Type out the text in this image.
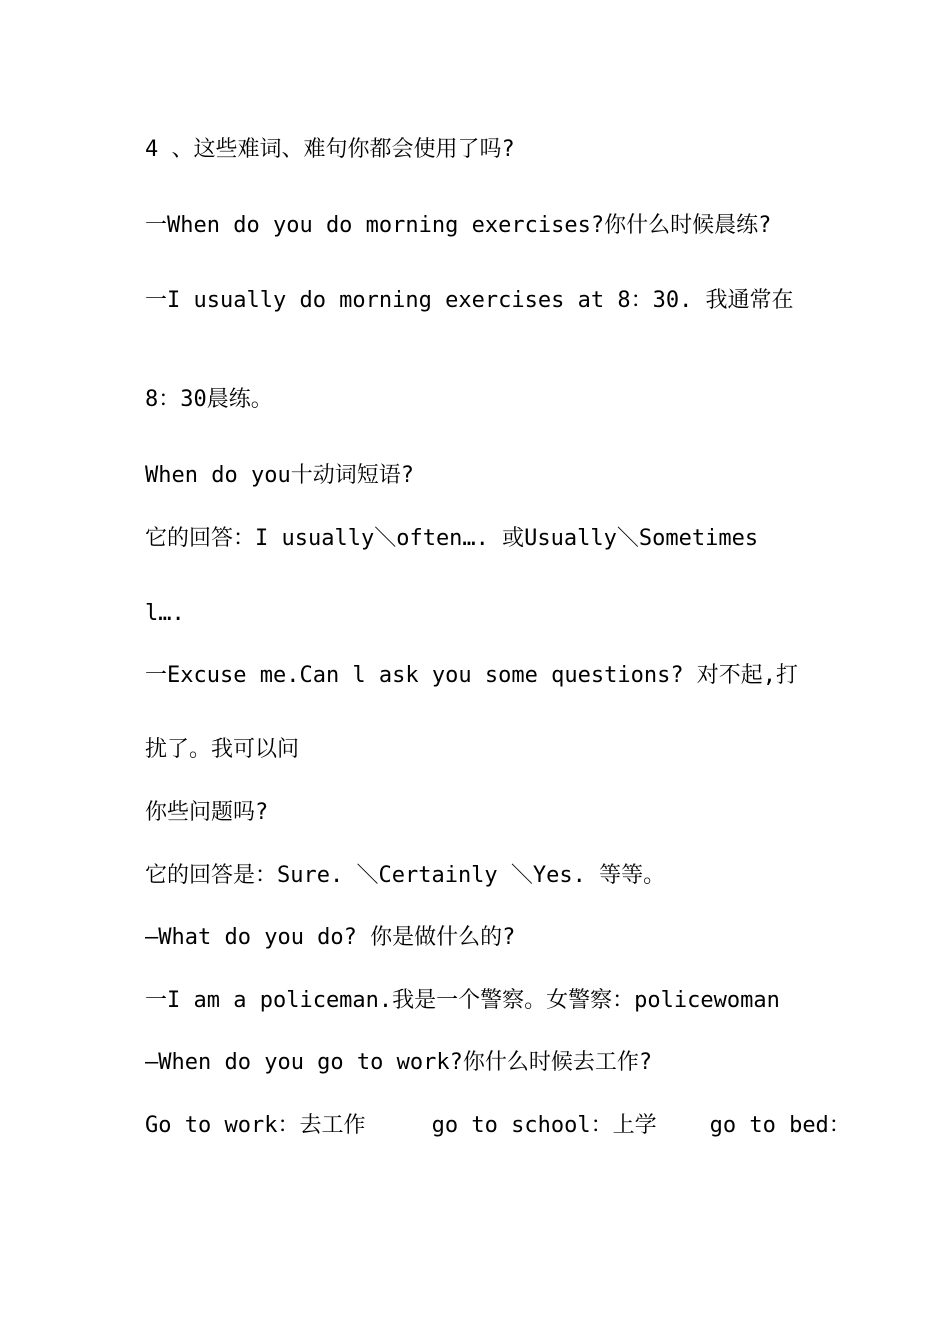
4 、这些难词、难句你都会使用了吗?

一When do you do morning exercises?你什么时候晨练?

一I usually do morning exercises at 8：30. 我通常在

8：30晨练。

When do you十动词短语?

它的回答：I usually＼often…. 或Usually＼Sometimes

l….

一Excuse me.Can l ask you some questions? 对不起,打

扰了。我可以问

你些问题吗?

它的回答是：Sure. ＼Certainly ＼Yes. 等等。

—What do you do? 你是做什么的?

一I am a policeman.我是一个警察。女警察：policewoman

—When do you go to work?你什么时候去工作?

Go to work：去工作     go to school：上学    go to bed：
